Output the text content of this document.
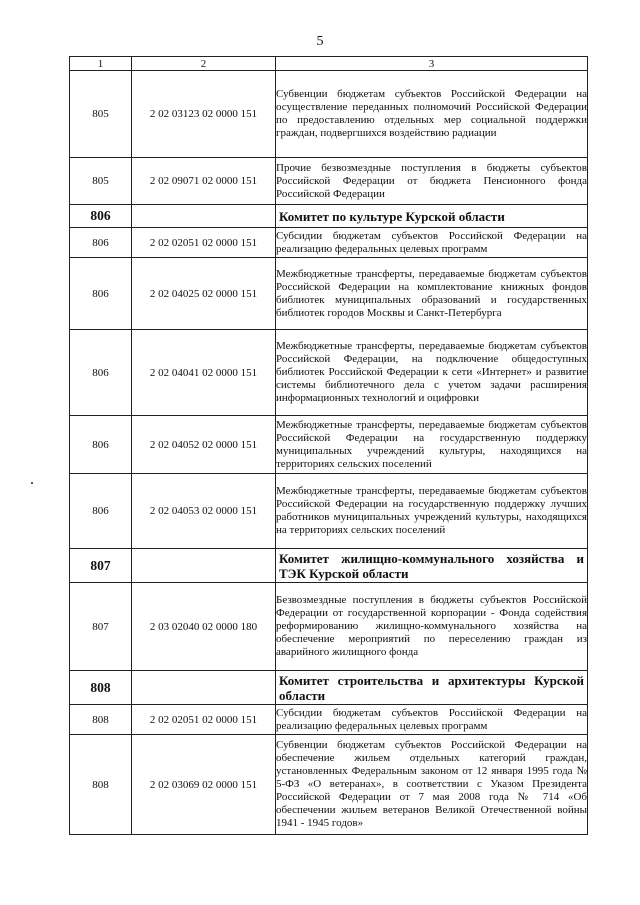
5
1	2	3
805	2 02 03123 02 0000 151	Субвенции бюджетам субъектов Российской Федерации на осуществление переданных полномочий Российской Федерации по предоставлению отдельных мер социальной поддержки граждан, подвергшихся воздействию радиации
805	2 02 09071 02 0000 151	Прочие безвозмездные поступления в бюджеты субъектов Российской Федерации от бюджета Пенсионного фонда Российской Федерации
806		Комитет по культуре Курской области
806	2 02 02051 02 0000 151	Субсидии бюджетам субъектов Российской Федерации на реализацию федеральных целевых программ
806	2 02 04025 02 0000 151	Межбюджетные трансферты, передаваемые бюджетам субъектов Российской Федерации на комплектование книжных фондов библиотек муниципальных образований и государственных библиотек городов Москвы и Санкт-Петербурга
806	2 02 04041 02 0000 151	Межбюджетные трансферты, передаваемые бюджетам субъектов Российской Федерации, на подключение общедоступных библиотек Российской Федерации к сети «Интернет» и развитие системы библиотечного дела с учетом задачи расширения информационных технологий и оцифровки
806	2 02 04052 02 0000 151	Межбюджетные трансферты, передаваемые бюджетам субъектов Российской Федерации на государственную поддержку муниципальных учреждений культуры, находящихся на территориях сельских поселений
806	2 02 04053 02 0000 151	Межбюджетные трансферты, передаваемые бюджетам субъектов Российской Федерации на государственную поддержку лучших работников муниципальных учреждений культуры, находящихся на территориях сельских поселений
807		Комитет жилищно-коммунального хозяйства и ТЭК Курской области
807	2 03 02040 02 0000 180	Безвозмездные поступления в бюджеты субъектов Российской Федерации от государственной корпорации - Фонда содействия реформированию жилищно-коммунального хозяйства на обеспечение мероприятий по переселению граждан из аварийного жилищного фонда
808		Комитет строительства и архитектуры Курской области
808	2 02 02051 02 0000 151	Субсидии бюджетам субъектов Российской Федерации на реализацию федеральных целевых программ
808	2 02 03069 02 0000 151	Субвенции бюджетам субъектов Российской Федерации на обеспечение жильем отдельных категорий граждан, установленных Федеральным законом от 12 января 1995 года № 5-ФЗ «О ветеранах», в соответствии с Указом Президента Российской Федерации от 7 мая 2008 года № 714 «Об обеспечении жильем ветеранов Великой Отечественной войны 1941 - 1945 годов»
